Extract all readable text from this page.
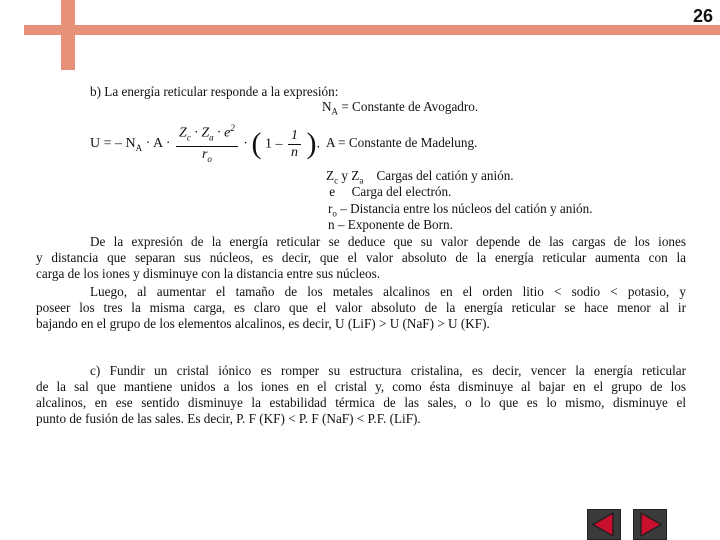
26
b) La energía reticular responde a la expresión:
$N_A$ = Constante de Avogadro.
U = – $N_A \cdot A \cdot \frac{Z_c \cdot Z_a \cdot e^2}{r_o}$ · ( $1 - \frac{1}{n}$ ). A = Constante de Madelung.
$Z_c$ y $Z_a$    Cargas del catión y anión.
e     Carga del electrón.
$r_o$ – Distancia entre los núcleos del catión y anión.
n – Exponente de Born.
De la expresión de la energía reticular se deduce que su valor depende de las cargas de los iones
y distancia que separan sus núcleos, es decir, que el valor absoluto de la energía reticular aumenta con la
carga de los iones y disminuye con la distancia entre sus núcleos.
Luego, al aumentar el tamaño de los metales alcalinos en el orden litio < sodio < potasio, y
poseer los tres la misma carga, es claro que el valor absoluto de la energía reticular se hace menor al ir
bajando en el grupo de los elementos alcalinos, es decir, U (LiF) > U (NaF) > U (KF).
c) Fundir un cristal iónico es romper su estructura cristalina, es decir, vencer la energía reticular
de la sal que mantiene unidos a los iones en el cristal y, como ésta disminuye al bajar en el grupo de los
alcalinos, en ese sentido disminuye la estabilidad térmica de las sales, o lo que es lo mismo, disminuye el
punto de fusión de las sales. Es decir, P. F (KF) < P. F (NaF) < P.F. (LiF).
